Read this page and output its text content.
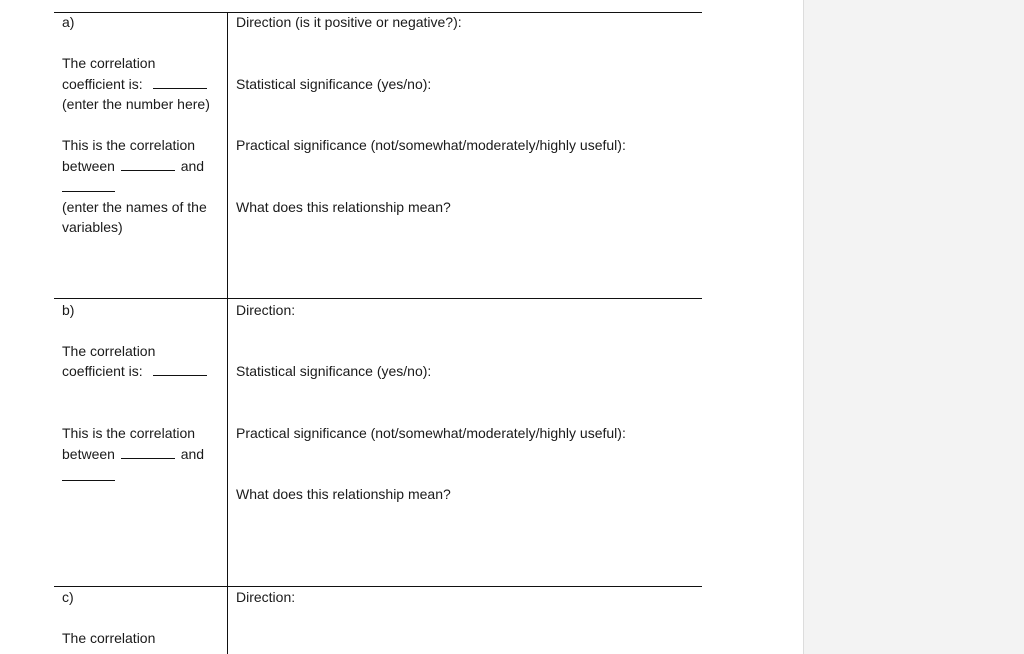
a)
The correlation
coefficient is:
(enter the number here)
This is the correlation
between	and
(enter the names of the
variables)
Direction (is it positive or negative?):
Statistical significance (yes/no):
Practical significance (not/somewhat/moderately/highly useful):
What does this relationship mean?
b)
The correlation
coefficient is:
This is the correlation
between	and
Direction:
Statistical significance (yes/no):
Practical significance (not/somewhat/moderately/highly useful):
What does this relationship mean?
c)
The correlation
Direction:
